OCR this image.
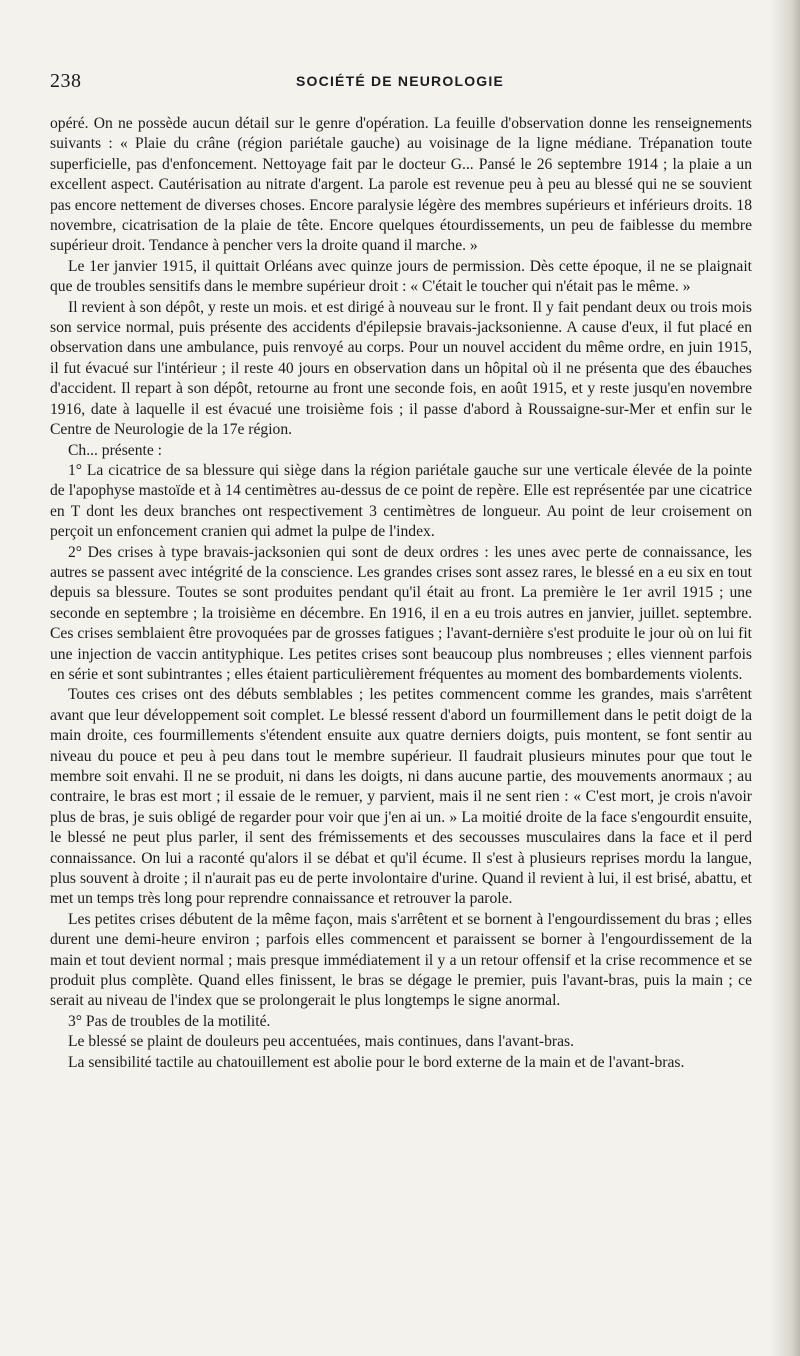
238	SOCIÉTÉ DE NEUROLOGIE

opéré. On ne possède aucun détail sur le genre d'opération. La feuille d'observation donne les renseignements suivants : « Plaie du crâne (région pariétale gauche) au voisinage de la ligne médiane. Trépanation toute superficielle, pas d'enfoncement. Nettoyage fait par le docteur G... Pansé le 26 septembre 1914 ; la plaie a un excellent aspect. Cautérisation au nitrate d'argent. La parole est revenue peu à peu au blessé qui ne se souvient pas encore nettement de diverses choses. Encore paralysie légère des membres supérieurs et inférieurs droits. 18 novembre, cicatrisation de la plaie de tête. Encore quelques étourdissements, un peu de faiblesse du membre supérieur droit. Tendance à pencher vers la droite quand il marche. »

Le 1er janvier 1915, il quittait Orléans avec quinze jours de permission. Dès cette époque, il ne se plaignait que de troubles sensitifs dans le membre supérieur droit : « C'était le toucher qui n'était pas le même. »

Il revient à son dépôt, y reste un mois. et est dirigé à nouveau sur le front. Il y fait pendant deux ou trois mois son service normal, puis présente des accidents d'épilepsie bravais-jacksonienne. A cause d'eux, il fut placé en observation dans une ambulance, puis renvoyé au corps. Pour un nouvel accident du même ordre, en juin 1915, il fut évacué sur l'intérieur ; il reste 40 jours en observation dans un hôpital où il ne présenta que des ébauches d'accident. Il repart à son dépôt, retourne au front une seconde fois, en août 1915, et y reste jusqu'en novembre 1916, date à laquelle il est évacué une troisième fois ; il passe d'abord à Roussaigne-sur-Mer et enfin sur le Centre de Neurologie de la 17e région.

Ch... présente :

1° La cicatrice de sa blessure qui siège dans la région pariétale gauche sur une verticale élevée de la pointe de l'apophyse mastoïde et à 14 centimètres au-dessus de ce point de repère. Elle est représentée par une cicatrice en T dont les deux branches ont respectivement 3 centimètres de longueur. Au point de leur croisement on perçoit un enfoncement cranien qui admet la pulpe de l'index.

2° Des crises à type bravais-jacksonien qui sont de deux ordres : les unes avec perte de connaissance, les autres se passent avec intégrité de la conscience. Les grandes crises sont assez rares, le blessé en a eu six en tout depuis sa blessure. Toutes se sont produites pendant qu'il était au front. La première le 1er avril 1915 ; une seconde en septembre ; la troisième en décembre. En 1916, il en a eu trois autres en janvier, juillet. septembre. Ces crises semblaient être provoquées par de grosses fatigues ; l'avant-dernière s'est produite le jour où on lui fit une injection de vaccin antityphique. Les petites crises sont beaucoup plus nombreuses ; elles viennent parfois en série et sont subintrantes ; elles étaient particulièrement fréquentes au moment des bombardements violents.

Toutes ces crises ont des débuts semblables ; les petites commencent comme les grandes, mais s'arrêtent avant que leur développement soit complet. Le blessé ressent d'abord un fourmillement dans le petit doigt de la main droite, ces fourmillements s'étendent ensuite aux quatre derniers doigts, puis montent, se font sentir au niveau du pouce et peu à peu dans tout le membre supérieur. Il faudrait plusieurs minutes pour que tout le membre soit envahi. Il ne se produit, ni dans les doigts, ni dans aucune partie, des mouvements anormaux ; au contraire, le bras est mort ; il essaie de le remuer, y parvient, mais il ne sent rien : « C'est mort, je crois n'avoir plus de bras, je suis obligé de regarder pour voir que j'en ai un. » La moitié droite de la face s'engourdit ensuite, le blessé ne peut plus parler, il sent des frémissements et des secousses musculaires dans la face et il perd connaissance. On lui a raconté qu'alors il se débat et qu'il écume. Il s'est à plusieurs reprises mordu la langue, plus souvent à droite ; il n'aurait pas eu de perte involontaire d'urine. Quand il revient à lui, il est brisé, abattu, et met un temps très long pour reprendre connaissance et retrouver la parole.

Les petites crises débutent de la même façon, mais s'arrêtent et se bornent à l'engourdissement du bras ; elles durent une demi-heure environ ; parfois elles commencent et paraissent se borner à l'engourdissement de la main et tout devient normal ; mais presque immédiatement il y a un retour offensif et la crise recommence et se produit plus complète. Quand elles finissent, le bras se dégage le premier, puis l'avant-bras, puis la main ; ce serait au niveau de l'index que se prolongerait le plus longtemps le signe anormal.

3° Pas de troubles de la motilité.

Le blessé se plaint de douleurs peu accentuées, mais continues, dans l'avant-bras.

La sensibilité tactile au chatouillement est abolie pour le bord externe de la main et de l'avant-bras.
